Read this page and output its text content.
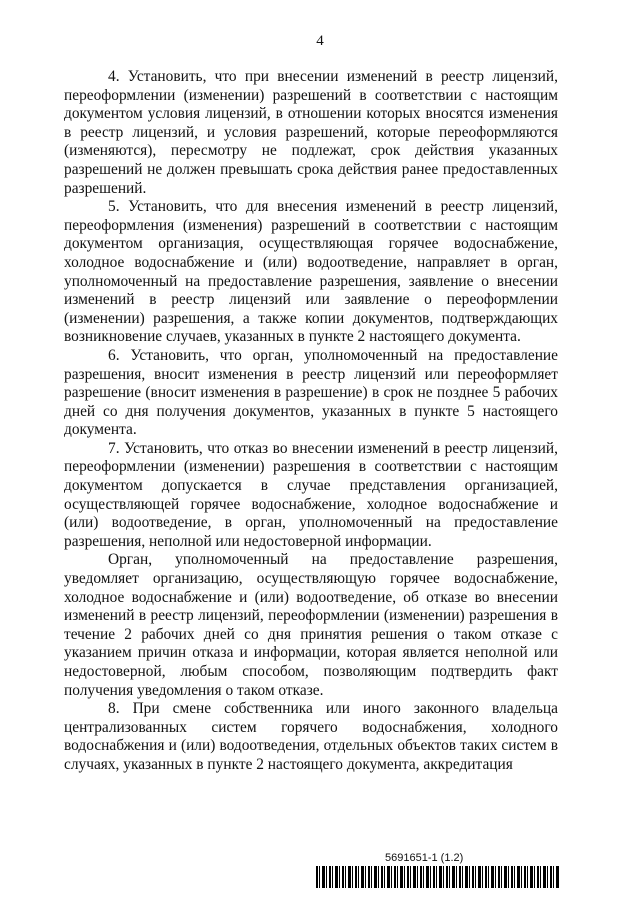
4

4. Установить, что при внесении изменений в реестр лицензий, переоформлении (изменении) разрешений в соответствии с настоящим документом условия лицензий, в отношении которых вносятся изменения в реестр лицензий, и условия разрешений, которые переоформляются (изменяются), пересмотру не подлежат, срок действия указанных разрешений не должен превышать срока действия ранее предоставленных разрешений.

5. Установить, что для внесения изменений в реестр лицензий, переоформления (изменения) разрешений в соответствии с настоящим документом организация, осуществляющая горячее водоснабжение, холодное водоснабжение и (или) водоотведение, направляет в орган, уполномоченный на предоставление разрешения, заявление о внесении изменений в реестр лицензий или заявление о переоформлении (изменении) разрешения, а также копии документов, подтверждающих возникновение случаев, указанных в пункте 2 настоящего документа.

6. Установить, что орган, уполномоченный на предоставление разрешения, вносит изменения в реестр лицензий или переоформляет разрешение (вносит изменения в разрешение) в срок не позднее 5 рабочих дней со дня получения документов, указанных в пункте 5 настоящего документа.

7. Установить, что отказ во внесении изменений в реестр лицензий, переоформлении (изменении) разрешения в соответствии с настоящим документом допускается в случае представления организацией, осуществляющей горячее водоснабжение, холодное водоснабжение и (или) водоотведение, в орган, уполномоченный на предоставление разрешения, неполной или недостоверной информации.

Орган, уполномоченный на предоставление разрешения, уведомляет организацию, осуществляющую горячее водоснабжение, холодное водоснабжение и (или) водоотведение, об отказе во внесении изменений в реестр лицензий, переоформлении (изменении) разрешения в течение 2 рабочих дней со дня принятия решения о таком отказе с указанием причин отказа и информации, которая является неполной или недостоверной, любым способом, позволяющим подтвердить факт получения уведомления о таком отказе.

8. При смене собственника или иного законного владельца централизованных систем горячего водоснабжения, холодного водоснабжения и (или) водоотведения, отдельных объектов таких систем в случаях, указанных в пункте 2 настоящего документа, аккредитация

5691651-1 (1.2)
